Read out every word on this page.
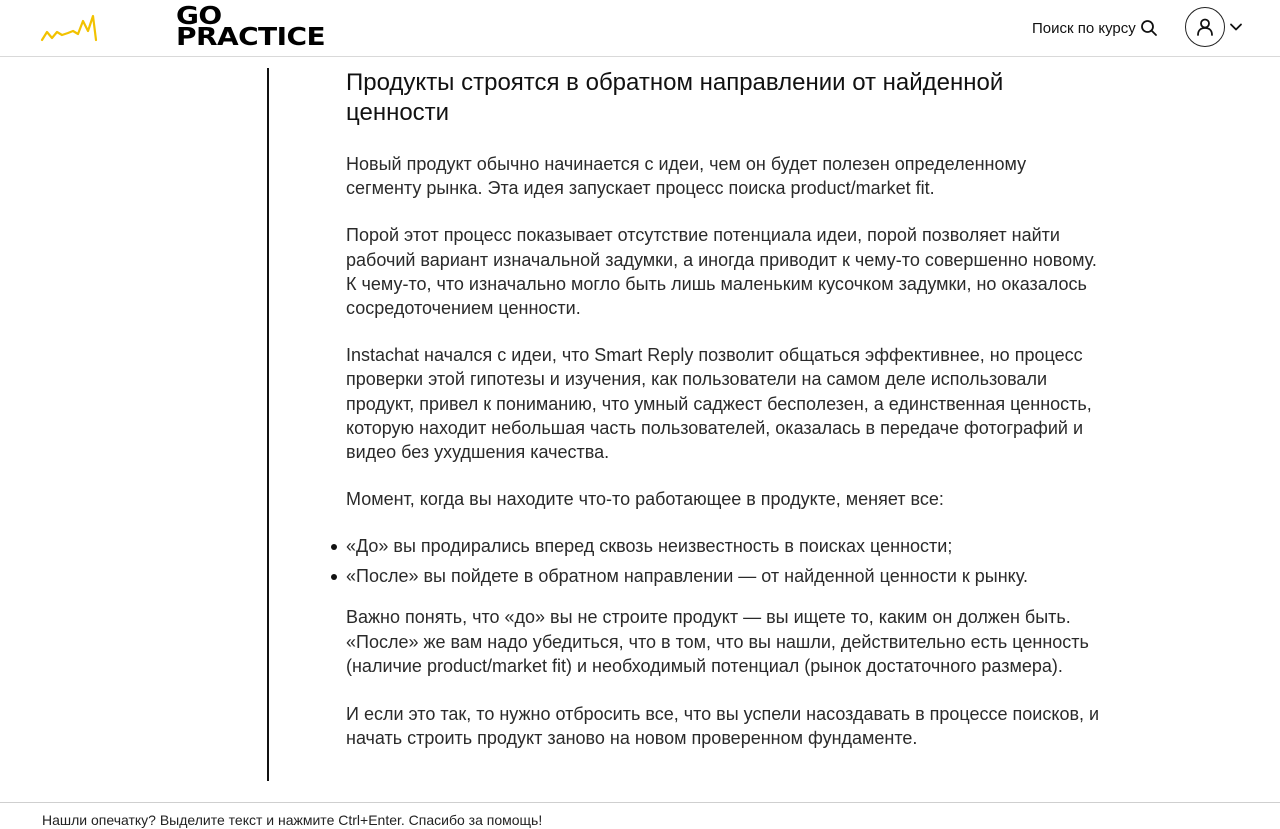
GO
PRACTICE	Поиск по курсу
Продукты строятся в обратном направлении от найденной ценности

Новый продукт обычно начинается с идеи, чем он будет полезен определенному сегменту рынка. Эта идея запускает процесс поиска product/market fit.

Порой этот процесс показывает отсутствие потенциала идеи, порой позволяет найти рабочий вариант изначальной задумки, а иногда приводит к чему-то совершенно новому. К чему-то, что изначально могло быть лишь маленьким кусочком задумки, но оказалось сосредоточением ценности.

Instachat начался с идеи, что Smart Reply позволит общаться эффективнее, но процесс проверки этой гипотезы и изучения, как пользователи на самом деле использовали продукт, привел к пониманию, что умный саджест бесполезен, а единственная ценность, которую находит небольшая часть пользователей, оказалась в передаче фотографий и видео без ухудшения качества.

Момент, когда вы находите что-то работающее в продукте, меняет все:

«До» вы продирались вперед сквозь неизвестность в поисках ценности;
«После» вы пойдете в обратном направлении — от найденной ценности к рынку.

Важно понять, что «до» вы не строите продукт — вы ищете то, каким он должен быть. «После» же вам надо убедиться, что в том, что вы нашли, действительно есть ценность (наличие product/market fit) и необходимый потенциал (рынок достаточного размера).

И если это так, то нужно отбросить все, что вы успели насоздавать в процессе поисков, и начать строить продукт заново на новом проверенном фундаменте.

Нашли опечатку? Выделите текст и нажмите Ctrl+Enter. Спасибо за помощь!
